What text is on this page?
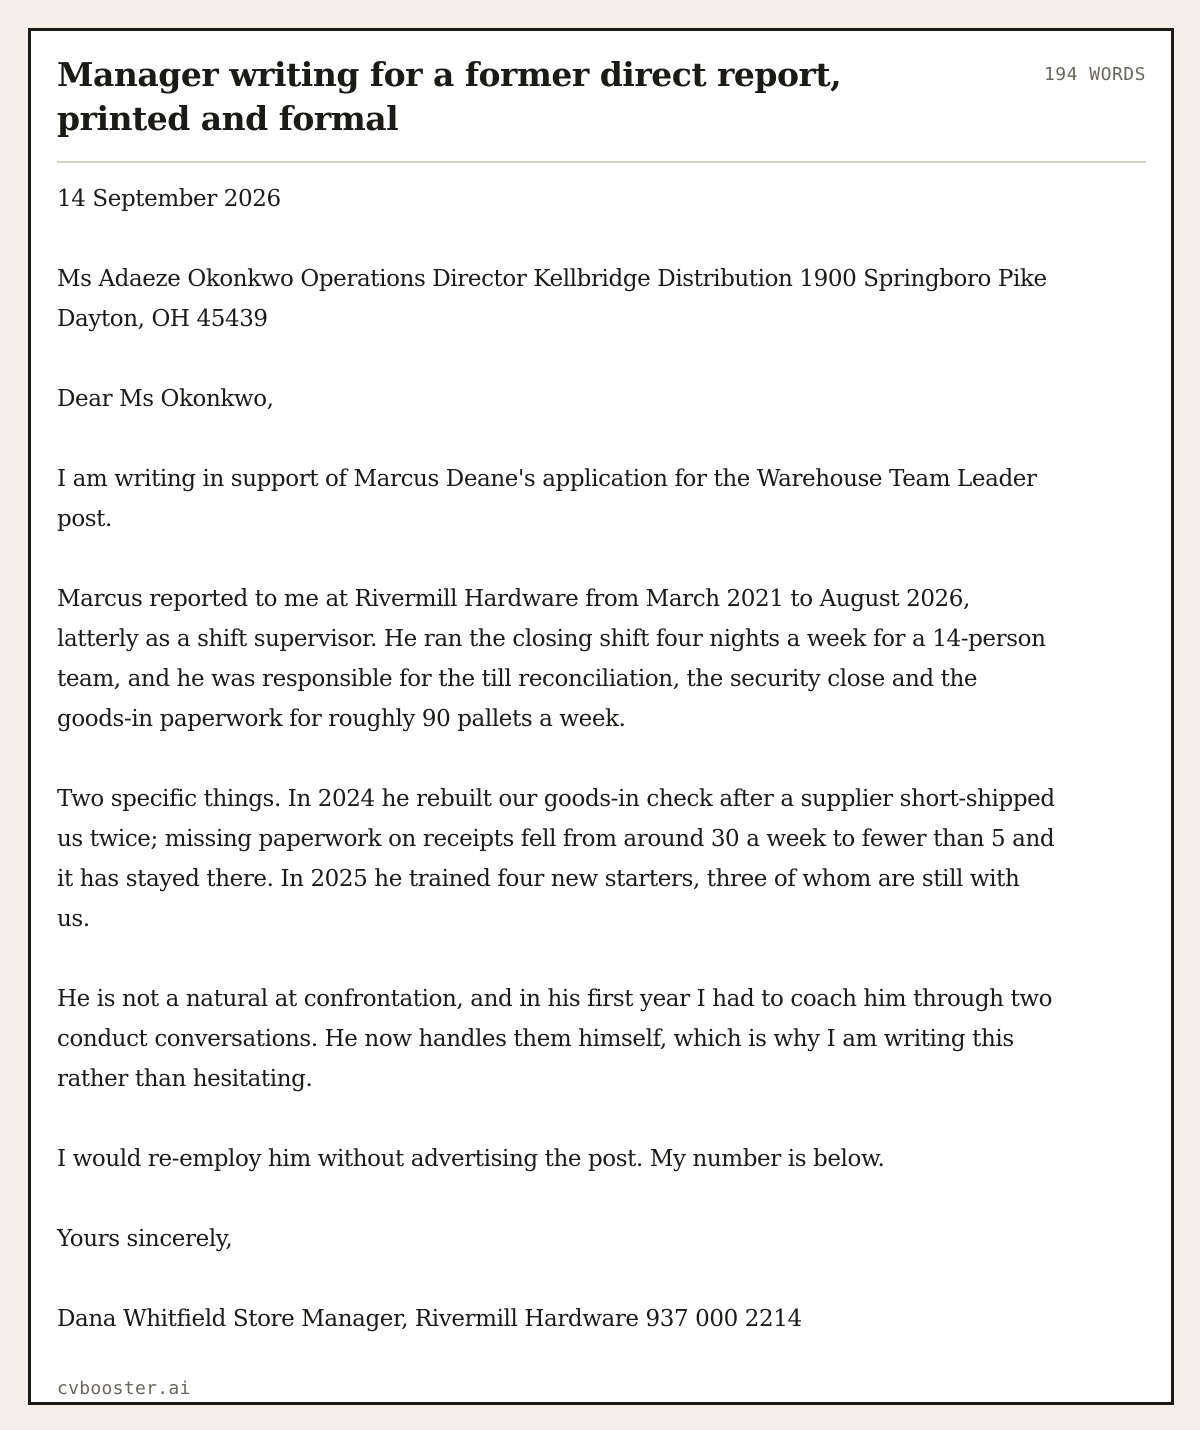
Manager writing for a former direct report, printed and formal
194 WORDS

14 September 2026

Ms Adaeze Okonkwo Operations Director Kellbridge Distribution 1900 Springboro Pike Dayton, OH 45439

Dear Ms Okonkwo,

I am writing in support of Marcus Deane's application for the Warehouse Team Leader post.

Marcus reported to me at Rivermill Hardware from March 2021 to August 2026, latterly as a shift supervisor. He ran the closing shift four nights a week for a 14-person team, and he was responsible for the till reconciliation, the security close and the goods-in paperwork for roughly 90 pallets a week.

Two specific things. In 2024 he rebuilt our goods-in check after a supplier short-shipped us twice; missing paperwork on receipts fell from around 30 a week to fewer than 5 and it has stayed there. In 2025 he trained four new starters, three of whom are still with us.

He is not a natural at confrontation, and in his first year I had to coach him through two conduct conversations. He now handles them himself, which is why I am writing this rather than hesitating.

I would re-employ him without advertising the post. My number is below.

Yours sincerely,

Dana Whitfield Store Manager, Rivermill Hardware 937 000 2214

cvbooster.ai
